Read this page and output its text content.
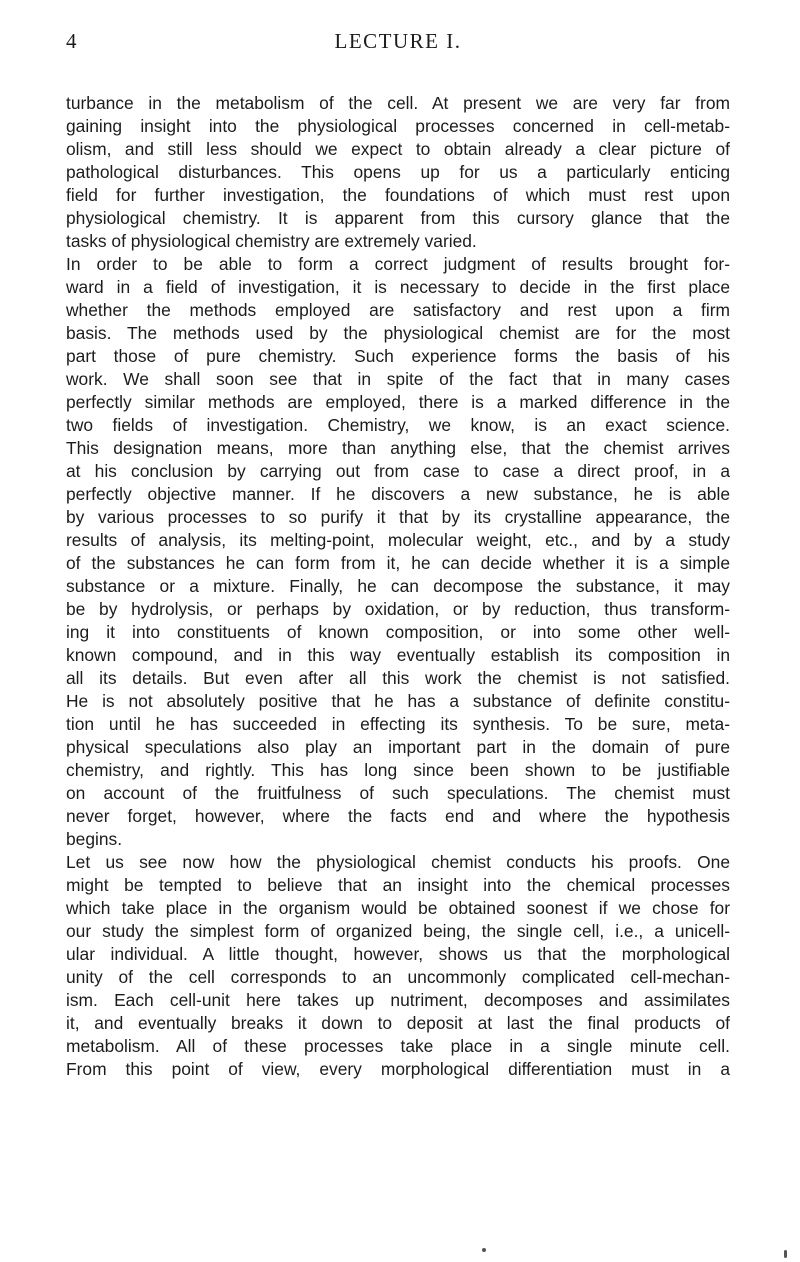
4	LECTURE I.
turbance in the metabolism of the cell. At present we are very far from
gaining insight into the physiological processes concerned in cell-metab-
olism, and still less should we expect to obtain already a clear picture of
pathological disturbances. This opens up for us a particularly enticing
field for further investigation, the foundations of which must rest upon
physiological chemistry. It is apparent from this cursory glance that the
tasks of physiological chemistry are extremely varied.
In order to be able to form a correct judgment of results brought for-
ward in a field of investigation, it is necessary to decide in the first place
whether the methods employed are satisfactory and rest upon a firm
basis. The methods used by the physiological chemist are for the most
part those of pure chemistry. Such experience forms the basis of his
work. We shall soon see that in spite of the fact that in many cases
perfectly similar methods are employed, there is a marked difference in the
two fields of investigation. Chemistry, we know, is an exact science.
This designation means, more than anything else, that the chemist arrives
at his conclusion by carrying out from case to case a direct proof, in a
perfectly objective manner. If he discovers a new substance, he is able
by various processes to so purify it that by its crystalline appearance, the
results of analysis, its melting-point, molecular weight, etc., and by a study
of the substances he can form from it, he can decide whether it is a simple
substance or a mixture. Finally, he can decompose the substance, it may
be by hydrolysis, or perhaps by oxidation, or by reduction, thus transform-
ing it into constituents of known composition, or into some other well-
known compound, and in this way eventually establish its composition in
all its details. But even after all this work the chemist is not satisfied.
He is not absolutely positive that he has a substance of definite constitu-
tion until he has succeeded in effecting its synthesis. To be sure, meta-
physical speculations also play an important part in the domain of pure
chemistry, and rightly. This has long since been shown to be justifiable
on account of the fruitfulness of such speculations. The chemist must
never forget, however, where the facts end and where the hypothesis
begins.
Let us see now how the physiological chemist conducts his proofs. One
might be tempted to believe that an insight into the chemical processes
which take place in the organism would be obtained soonest if we chose for
our study the simplest form of organized being, the single cell, i.e., a unicell-
ular individual. A little thought, however, shows us that the morphological
unity of the cell corresponds to an uncommonly complicated cell-mechan-
ism. Each cell-unit here takes up nutriment, decomposes and assimilates
it, and eventually breaks it down to deposit at last the final products of
metabolism. All of these processes take place in a single minute cell.
From this point of view, every morphological differentiation must in a
